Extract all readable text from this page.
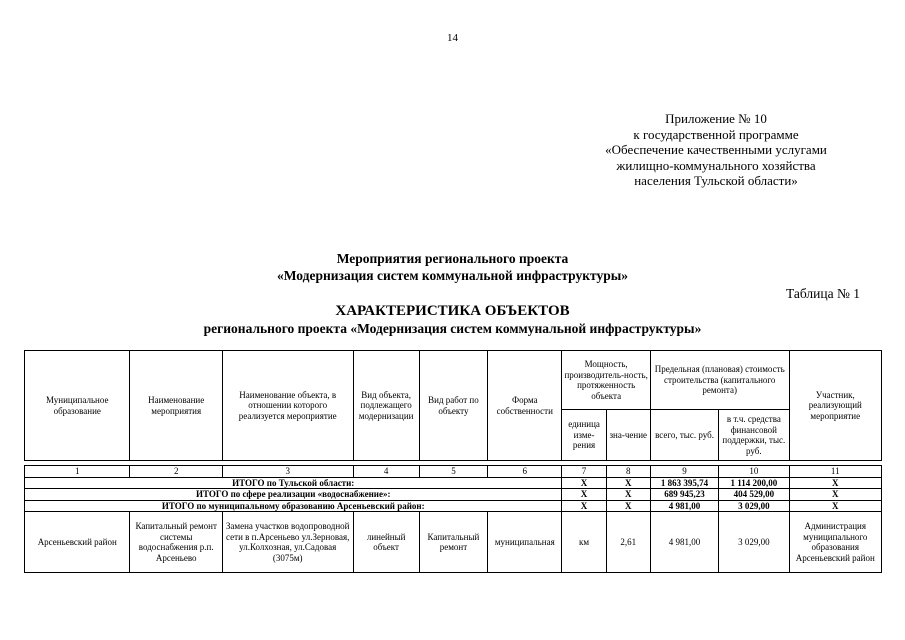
14
Приложение № 10
к государственной программе
«Обеспечение качественными услугами
жилищно-коммунального хозяйства
населения Тульской области»
Мероприятия регионального проекта
«Модернизация систем коммунальной инфраструктуры»
Таблица № 1
ХАРАКТЕРИСТИКА ОБЪЕКТОВ
регионального проекта «Модернизация систем коммунальной инфраструктуры»
Муниципальное образование	Наименование мероприятия	Наименование объекта, в отношении которого реализуется мероприятие	Вид объекта, подлежащего модернизации	Вид работ по объекту	Форма собственности	Мощность, производитель-ность, протяженность объекта		Предельная (плановая) стоимость строительства (капитального ремонта)		Участник, реализующий мероприятие
						единица изме-рения	зна-чение	всего, тыс. руб.	в т.ч. средства финансовой поддержки, тыс. руб.	

1	2	3	4	5	6	7	8	9	10	11
ИТОГО по Тульской области:						Х	Х	1 863 395,74	1 114 200,00	Х
ИТОГО по сфере реализации «водоснабжение»:						Х	Х	689 945,23	404 529,00	Х
ИТОГО по муниципальному образованию Арсеньевский район:						Х	Х	4 981,00	3 029,00	Х
Арсеньевский район	Капитальный ремонт системы водоснабжения р.п. Арсеньево	Замена участков водопроводной сети в п.Арсеньево ул.Зерновая, ул.Колхозная, ул.Садовая (3075м)	линейный объект	Капитальный ремонт	муниципальная	км	2,61	4 981,00	3 029,00	Администрация муниципального образования Арсеньевский район
